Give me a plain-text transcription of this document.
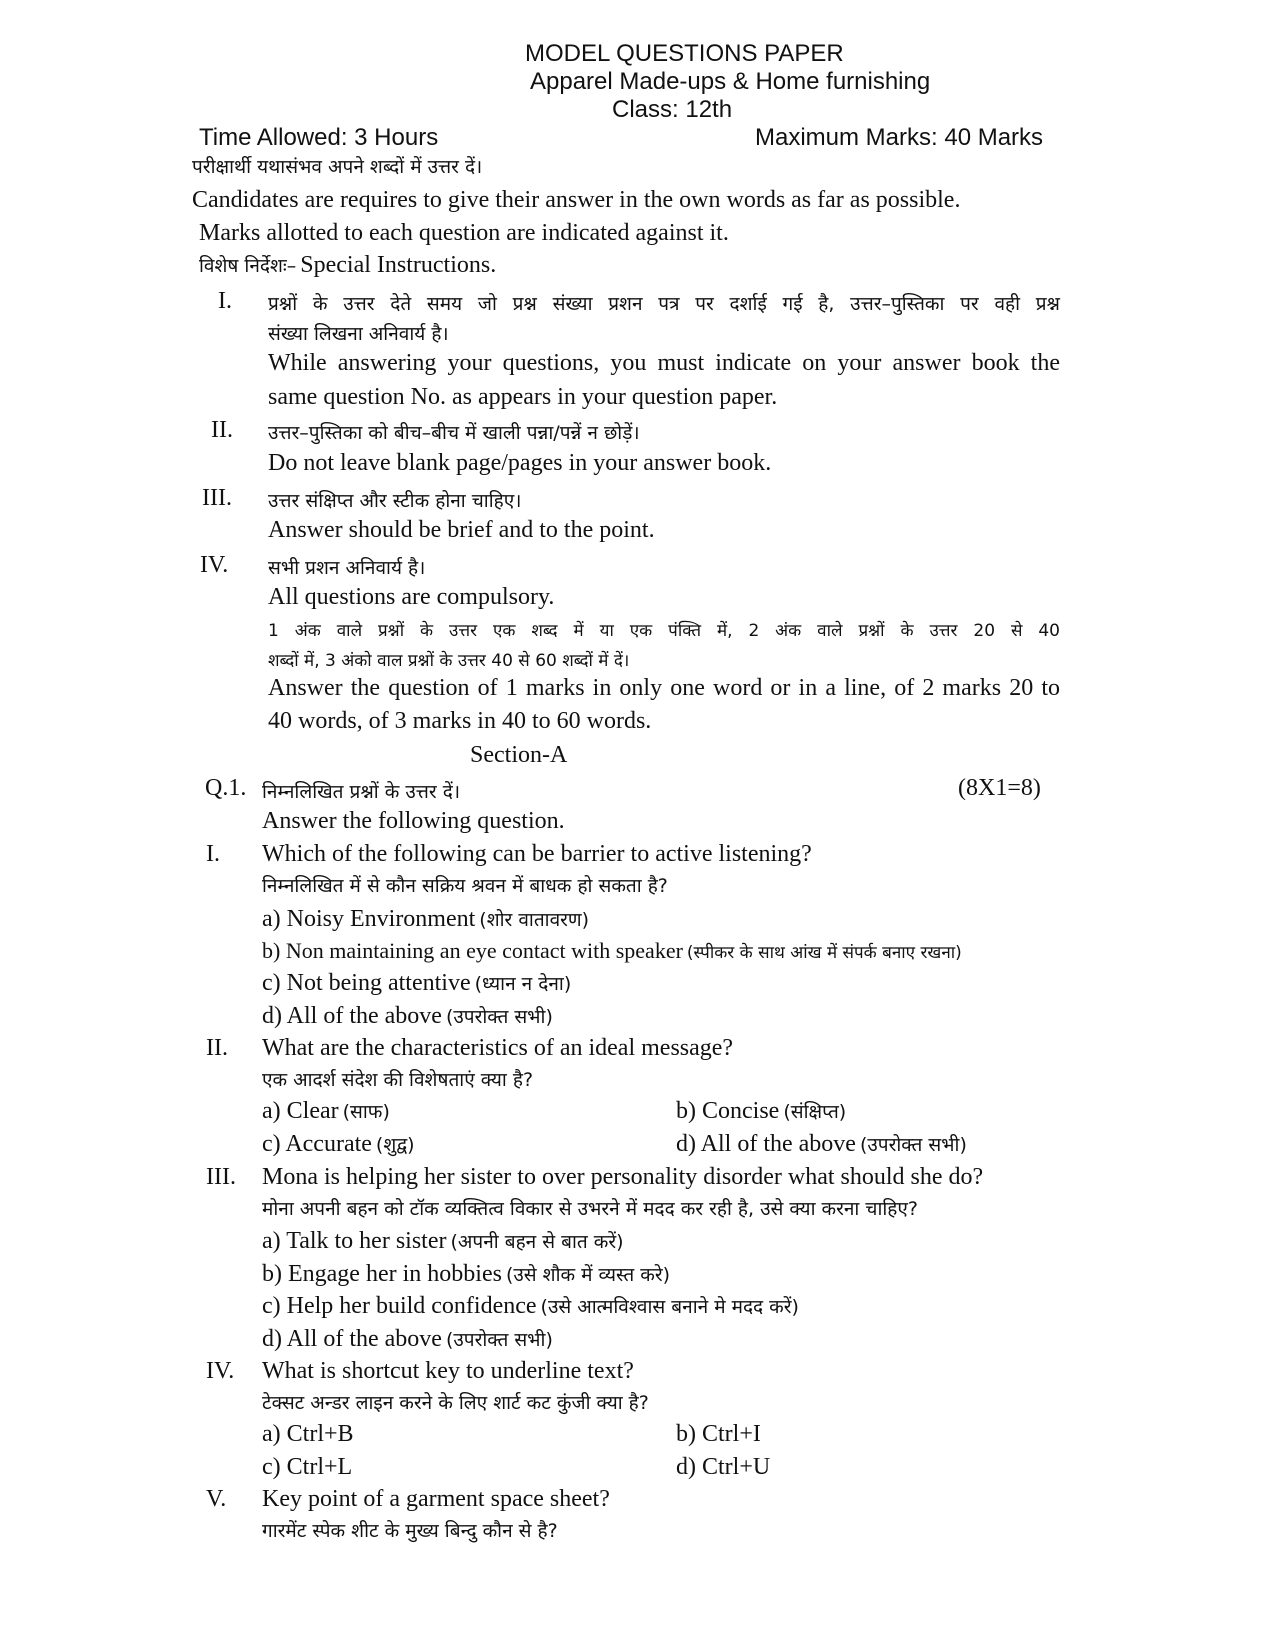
MODEL QUESTIONS PAPER
Apparel Made-ups & Home furnishing
Class: 12th
Time Allowed: 3 Hours	Maximum Marks: 40 Marks
परीक्षार्थी यथासंभव अपने शब्दों में उत्तर दें।
Candidates are requires to give their answer in the own words as far as possible.
Marks allotted to each question are indicated against it.
विशेष निर्देशः– Special Instructions.
I. प्रश्नों के उत्तर देते समय जो प्रश्न संख्या प्रशन पत्र पर दर्शाई गई है, उत्तर–पुस्तिका पर वही प्रश्न
संख्या लिखना अनिवार्य है।
While answering your questions, you must indicate on your answer book the
same question No. as appears in your question paper.
II. उत्तर–पुस्तिका को बीच–बीच में खाली पन्ना/पन्नें न छोड़ें।
Do not leave blank page/pages in your answer book.
III. उत्तर संक्षिप्त और स्टीक होना चाहिए।
Answer should be brief and to the point.
IV. सभी प्रशन अनिवार्य है।
All questions are compulsory.
1 अंक वाले प्रश्नों के उत्तर एक शब्द में या एक पंक्ति में, 2 अंक वाले प्रश्नों के उत्तर 20 से 40
शब्दों में, 3 अंको वाल प्रश्नों के उत्तर 40 से 60 शब्दों में दें।
Answer the question of 1 marks in only one word or in a line, of 2 marks 20 to
40 words, of 3 marks in 40 to 60 words.
Section-A
Q.1. निम्नलिखित प्रश्नों के उत्तर दें।	(8X1=8)
Answer the following question.
I. Which of the following can be barrier to active listening?
निम्नलिखित में से कौन सक्रिय श्रवन में बाधक हो सकता है?
a) Noisy Environment (शोर वातावरण)
b) Non maintaining an eye contact with speaker (स्पीकर के साथ आंख में संपर्क बनाए रखना)
c) Not being attentive (ध्यान न देना)
d) All of the above (उपरोक्त सभी)
II. What are the characteristics of an ideal message?
एक आदर्श संदेश की विशेषताएं क्या है?
a) Clear (साफ)	b) Concise (संक्षिप्त)
c) Accurate (शुद्व)	d) All of the above (उपरोक्त सभी)
III. Mona is helping her sister to over personality disorder what should she do?
मोना अपनी बहन को टॉक व्यक्तित्व विकार से उभरने में मदद कर रही है, उसे क्या करना चाहिए?
a) Talk to her sister (अपनी बहन से बात करें)
b) Engage her in hobbies (उसे शौक में व्यस्त करे)
c) Help her build confidence (उसे आत्मविश्वास बनाने मे मदद करें)
d) All of the above (उपरोक्त सभी)
IV. What is shortcut key to underline text?
टेक्सट अन्डर लाइन करने के लिए शार्ट कट कुंजी क्या है?
a) Ctrl+B	b) Ctrl+I
c) Ctrl+L	d) Ctrl+U
V. Key point of a garment space sheet?
गारमेंट स्पेक शीट के मुख्य बिन्दु कौन से है?
